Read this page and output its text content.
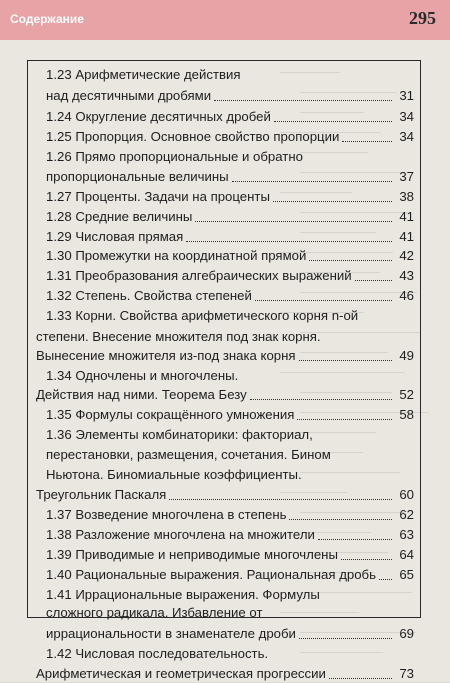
Содержание	295
1.23 Арифметические действия
над десятичными дробями	31
1.24 Округление десятичных дробей	34
1.25 Пропорция. Основное свойство пропорции	34
1.26 Прямо пропорциональные и обратно
пропорциональные величины	37
1.27 Проценты. Задачи на проценты	38
1.28 Средние величины	41
1.29 Числовая прямая	41
1.30 Промежутки на координатной прямой	42
1.31 Преобразования алгебраических выражений	43
1.32 Степень. Свойства степеней	46
1.33 Корни. Свойства арифметического корня n-ой
степени. Внесение множителя под знак корня.
Вынесение множителя из-под знака корня	49
1.34 Одночлены и многочлены.
Действия над ними. Теорема Безу	52
1.35 Формулы сокращённого умножения	58
1.36 Элементы комбинаторики: факториал,
перестановки, размещения, сочетания. Бином
Ньютона. Биномиальные коэффициенты.
Треугольник Паскаля	60
1.37 Возведение многочлена в степень	62
1.38 Разложение многочлена на множители	63
1.39 Приводимые и неприводимые многочлены	64
1.40 Рациональные выражения. Рациональная дробь 65
1.41 Иррациональные выражения. Формулы
сложного радикала. Избавление от
иррациональности в знаменателе дроби	69
1.42 Числовая последовательность.
Арифметическая и геометрическая прогрессии	73
